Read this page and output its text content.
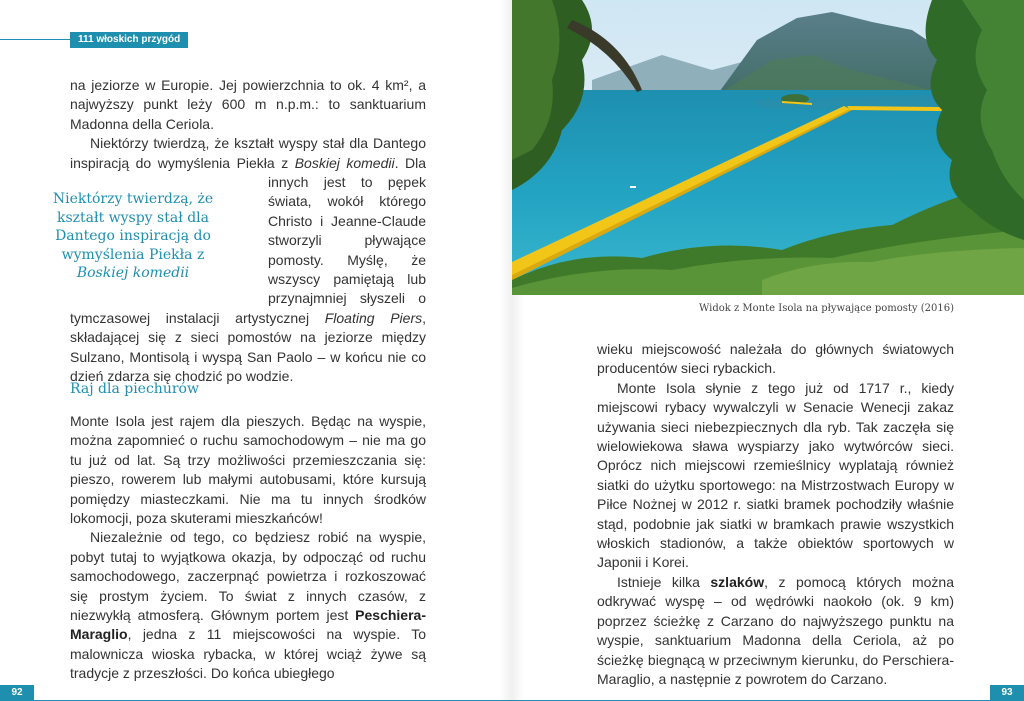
111 włoskich przygód

na jeziorze w Europie. Jej powierzchnia to ok. 4 km², a najwyższy punkt leży 600 m n.p.m.: to sanktuarium Madonna della Ceriola.

Niektórzy twierdzą, że kształt wyspy stał dla Dantego inspiracją do wymyślenia Piekła z Boskiej komedii
. Dla innych jest to pępek świata, wokół którego Christo i Jeanne-Claude stworzyli pływające pomosty. Myślę, że wszyscy pamiętają lub przynajmniej słyszeli o tymczasowej instalacji artystycznej Floating Piers, składającej się z sieci pomostów na jeziorze między Sulzano, Montisolą i wyspą San Paolo – w końcu nie co dzień zdarza się chodzić po wodzie.

Niektórzy twierdzą, że kształt wyspy stał dla Dantego inspiracją do wymyślenia Piekła z Boskiej komedii
Raj dla piechurów

Monte Isola jest rajem dla pieszych. Będąc na wyspie, można zapomnieć o ruchu samochodowym – nie ma go tu już od lat. Są trzy możliwości przemieszczania się: pieszo, rowerem lub małymi autobusami, które kursują pomiędzy miasteczkami. Nie ma tu innych środków lokomocji, poza skuterami mieszkańców!

Niezależnie od tego, co będziesz robić na wyspie, pobyt tutaj to wyjątkowa okazja, by odpocząć od ruchu samochodowego, zaczerpnąć powietrza i rozkoszować się prostym życiem. To świat z innych czasów, z niezwykłą atmosferą. Głównym portem jest Peschiera-Maraglio, jedna z 11 miejscowości na wyspie. To malownicza wioska rybacka, w której wciąż żywe są tradycje z przeszłości. Do końca ubiegłego

92
Widok z Monte Isola na pływające pomosty (2016)
93

wieku miejscowość należała do głównych światowych producentów sieci rybackich.

Monte Isola słynie z tego już od 1717 r., kiedy miejscowi rybacy wywalczyli w Senacie Wenecji zakaz używania sieci niebezpiecznych dla ryb. Tak zaczęła się wielowiekowa sława wyspiarzy jako wytwórców sieci. Oprócz nich miejscowi rzemieślnicy wyplatają również siatki do użytku sportowego: na Mistrzostwach Europy w Piłce Nożnej w 2012 r. siatki bramek pochodziły właśnie stąd, podobnie jak siatki w bramkach prawie wszystkich włoskich stadionów, a także obiektów sportowych w Japonii i Korei.

Istnieje kilka szlaków, z pomocą których można odkrywać wyspę – od wędrówki naokoło (ok. 9 km) poprzez ścieżkę z Carzano do najwyższego punktu na wyspie, sanktuarium Madonna della Ceriola, aż po ścieżkę biegnącą w przeciwnym kierunku, do Perschiera-Maraglio, a następnie z powrotem do Carzano.
